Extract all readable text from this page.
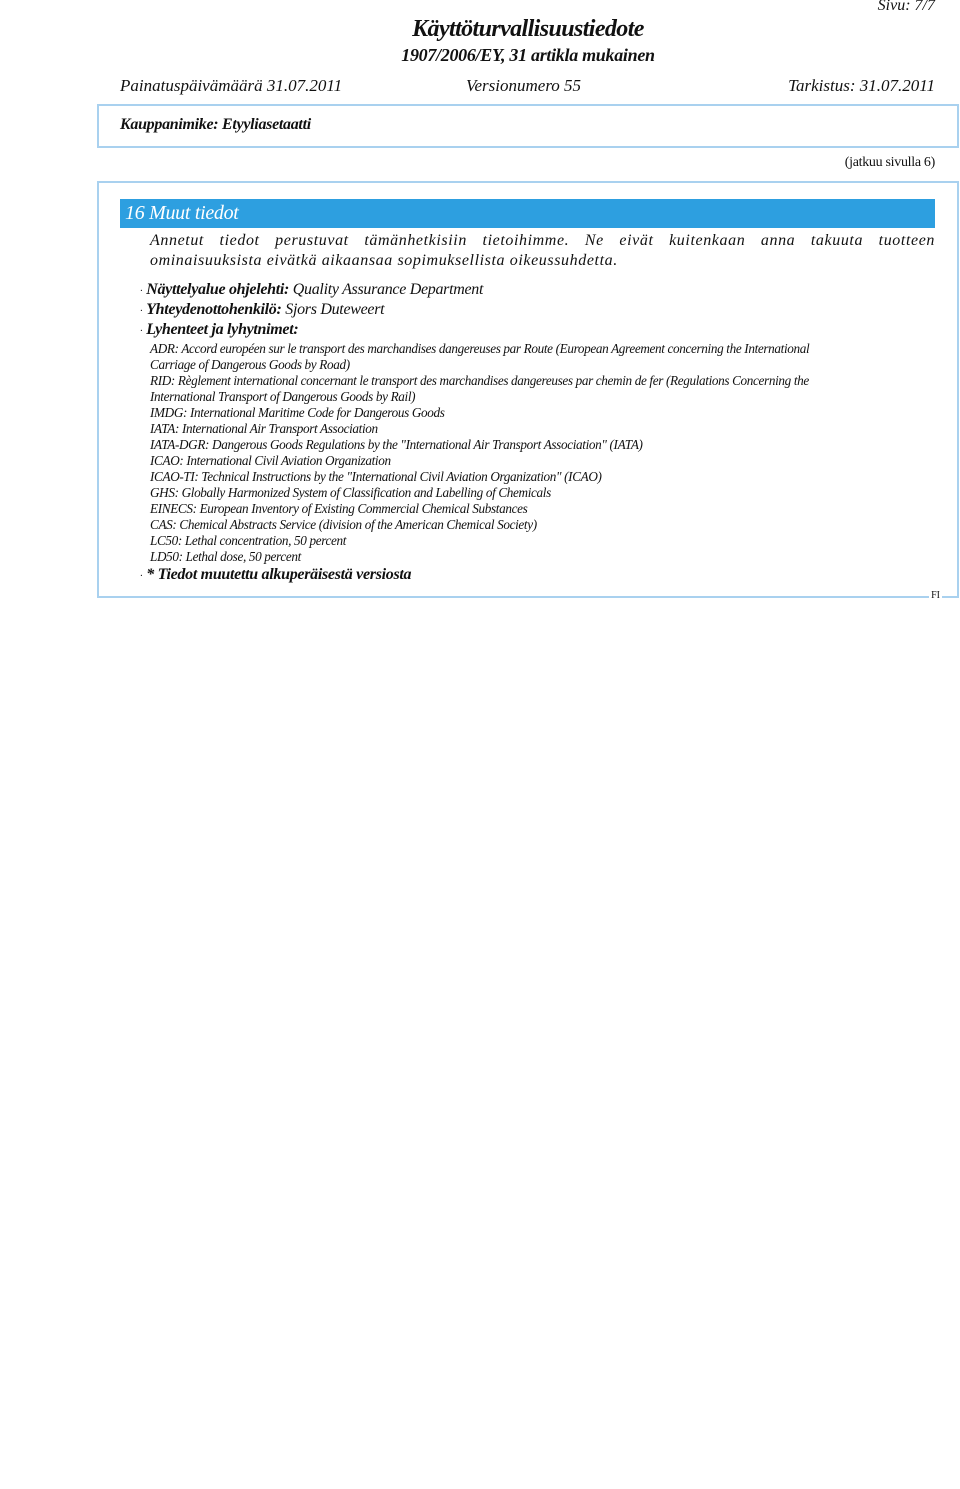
Sivu: 7/7
Käyttöturvallisuustiedote
1907/2006/EY, 31 artikla mukainen
Painatuspäivämäärä 31.07.2011	Versionumero 55	Tarkistus: 31.07.2011
Kauppanimike: Etyyliasetaatti
(jatkuu sivulla 6)
FI
16 Muut tiedot
Annetut tiedot perustuvat tämänhetkisiin tietoihimme. Ne eivät kuitenkaan anna takuuta tuotteen ominaisuuksista eivätkä aikaansaa sopimuksellista oikeussuhdetta.
· Näyttelyalue ohjelehti: Quality Assurance Department
· Yhteydenottohenkilö: Sjors Duteweert
· Lyhenteet ja lyhytnimet:
ADR: Accord européen sur le transport des marchandises dangereuses par Route (European Agreement concerning the International
Carriage of Dangerous Goods by Road)
RID: Règlement international concernant le transport des marchandises dangereuses par chemin de fer (Regulations Concerning the
International Transport of Dangerous Goods by Rail)
IMDG: International Maritime Code for Dangerous Goods
IATA: International Air Transport Association
IATA-DGR: Dangerous Goods Regulations by the "International Air Transport Association" (IATA)
ICAO: International Civil Aviation Organization
ICAO-TI: Technical Instructions by the "International Civil Aviation Organization" (ICAO)
GHS: Globally Harmonized System of Classification and Labelling of Chemicals
EINECS: European Inventory of Existing Commercial Chemical Substances
CAS: Chemical Abstracts Service (division of the American Chemical Society)
LC50: Lethal concentration, 50 percent
LD50: Lethal dose, 50 percent
· * Tiedot muutettu alkuperäisestä versiosta
